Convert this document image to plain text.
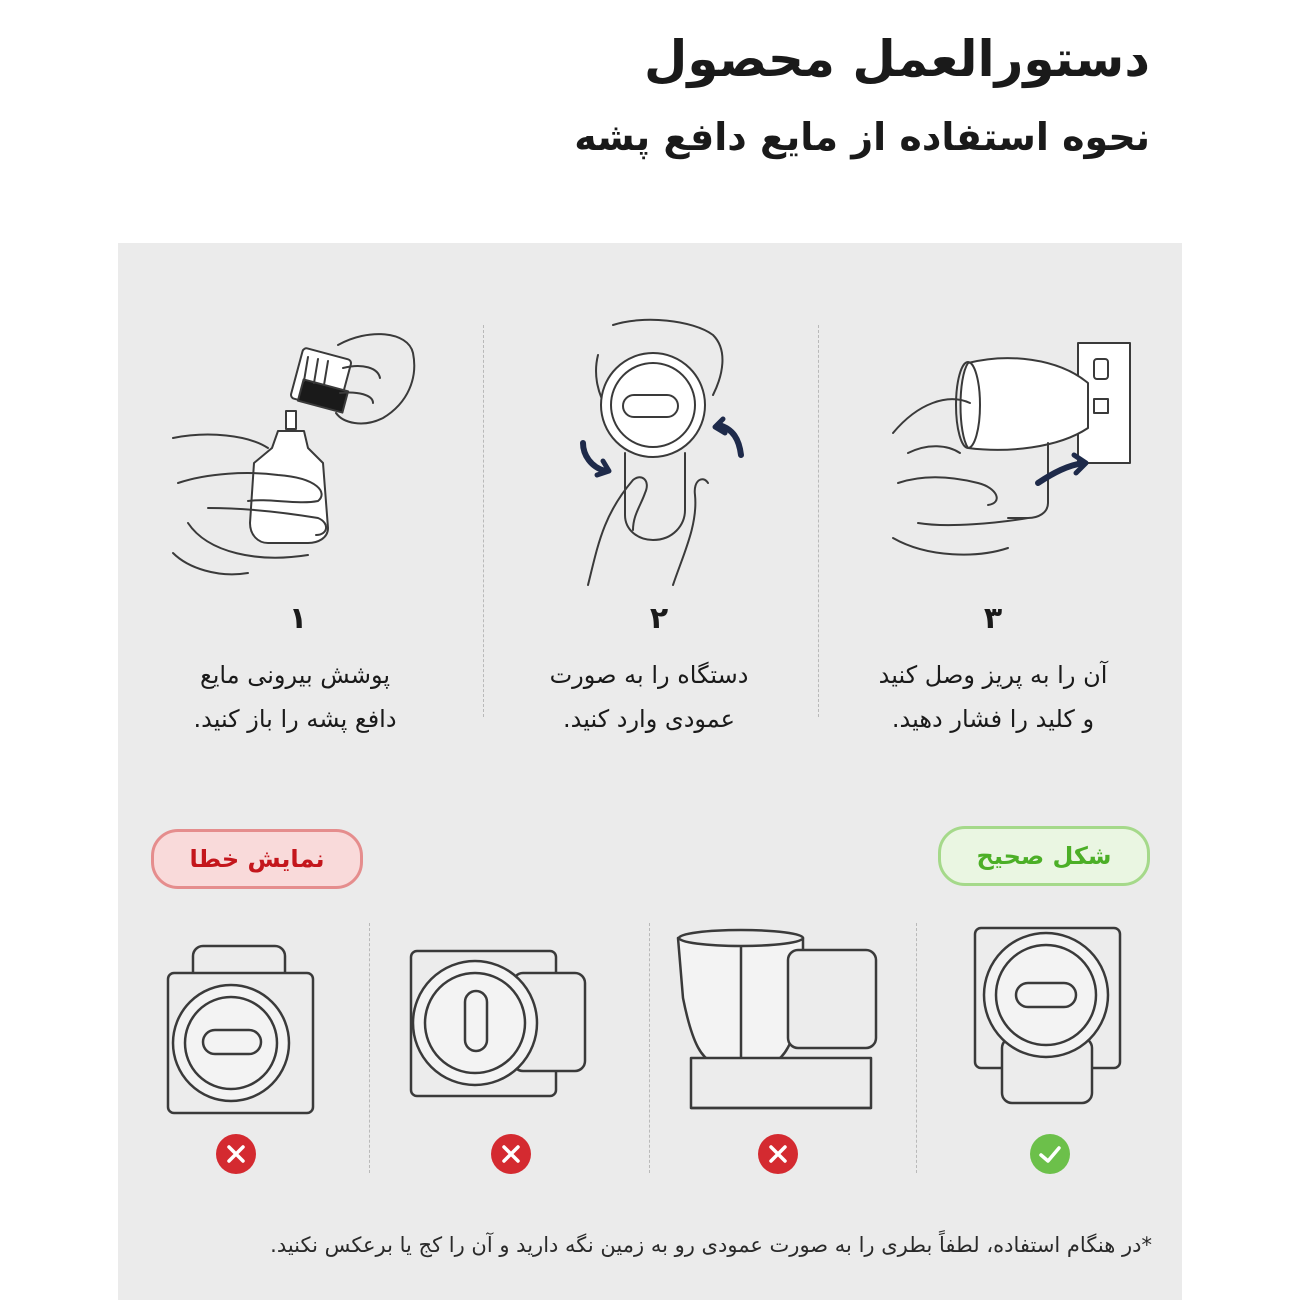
دستورالعمل محصول
نحوه استفاده از مایع دافع پشه
۱	۲	۳
پوشش بیرونی مایع
دافع پشه را باز کنید.
دستگاه را به صورت
عمودی وارد کنید.
آن را به پریز وصل کنید
و کلید را فشار دهید.
نمایش خطا	شکل صحیح
*در هنگام استفاده، لطفاً بطری را به صورت عمودی رو به زمین نگه دارید و آن را کج یا برعکس نکنید.
